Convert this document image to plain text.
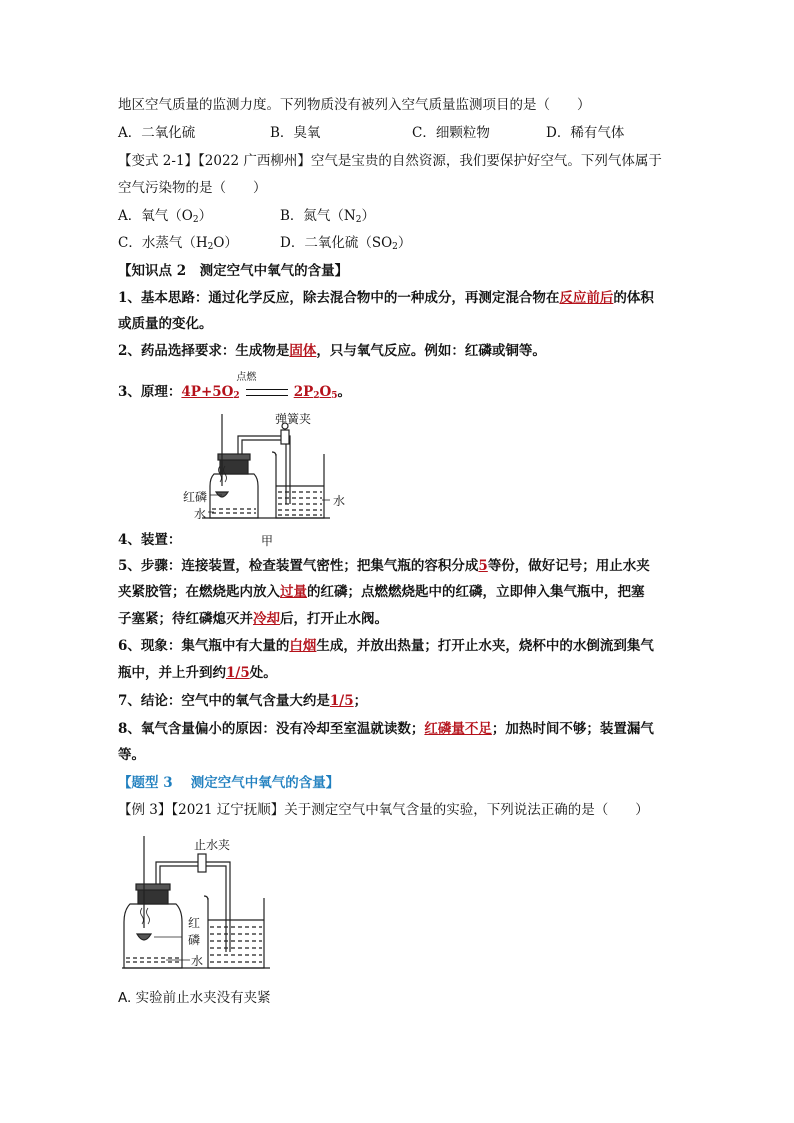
地区空气质量的监测力度。下列物质没有被列入空气质量监测项目的是（　　）
A．二氧化硫	B．臭氧	C．细颗粒物	D．稀有气体
【变式 2-1】【2022 广西柳州】空气是宝贵的自然资源，我们要保护好空气。下列气体属于
空气污染物的是（　　）
A．氧气$(O_2)$	B．氮气$(N_2)$
C．水蒸气$(H_2O)$	D．二氧化硫$(SO_2)$
【知识点 2　测定空气中氧气的含量】
1、基本思路：通过化学反应，除去混合物中的一种成分，再测定混合物在反应前后的体积
或质量的变化。
2、药品选择要求：生成物是固体，只与氧气反应。例如：红磷或铜等。
3、原理：$4P+5O_2$
点燃
$2P_2O_5$。
弹簧夹
红磷
水
水
4、装置：	甲
5、步骤：连接装置，检查装置气密性；把集气瓶的容积分成5等份，做好记号；用止水夹
夹紧胶管；在燃烧匙内放入过量的红磷；点燃燃烧匙中的红磷，立即伸入集气瓶中，把塞
子塞紧；待红磷熄灭并冷却后，打开止水阀。
6、现象：集气瓶中有大量的白烟生成，并放出热量；打开止水夹，烧杯中的水倒流到集气
瓶中，并上升到约1/5处。
7、结论：空气中的氧气含量大约是1/5；
8、氧气含量偏小的原因：没有冷却至室温就读数；红磷量不足；加热时间不够；装置漏气
等。
【题型 3　 测定空气中氧气的含量】
【例 3】【2021 辽宁抚顺】关于测定空气中氧气含量的实验，下列说法正确的是（　　）
止水夹
红
磷
水
A. 实验前止水夹没有夹紧
